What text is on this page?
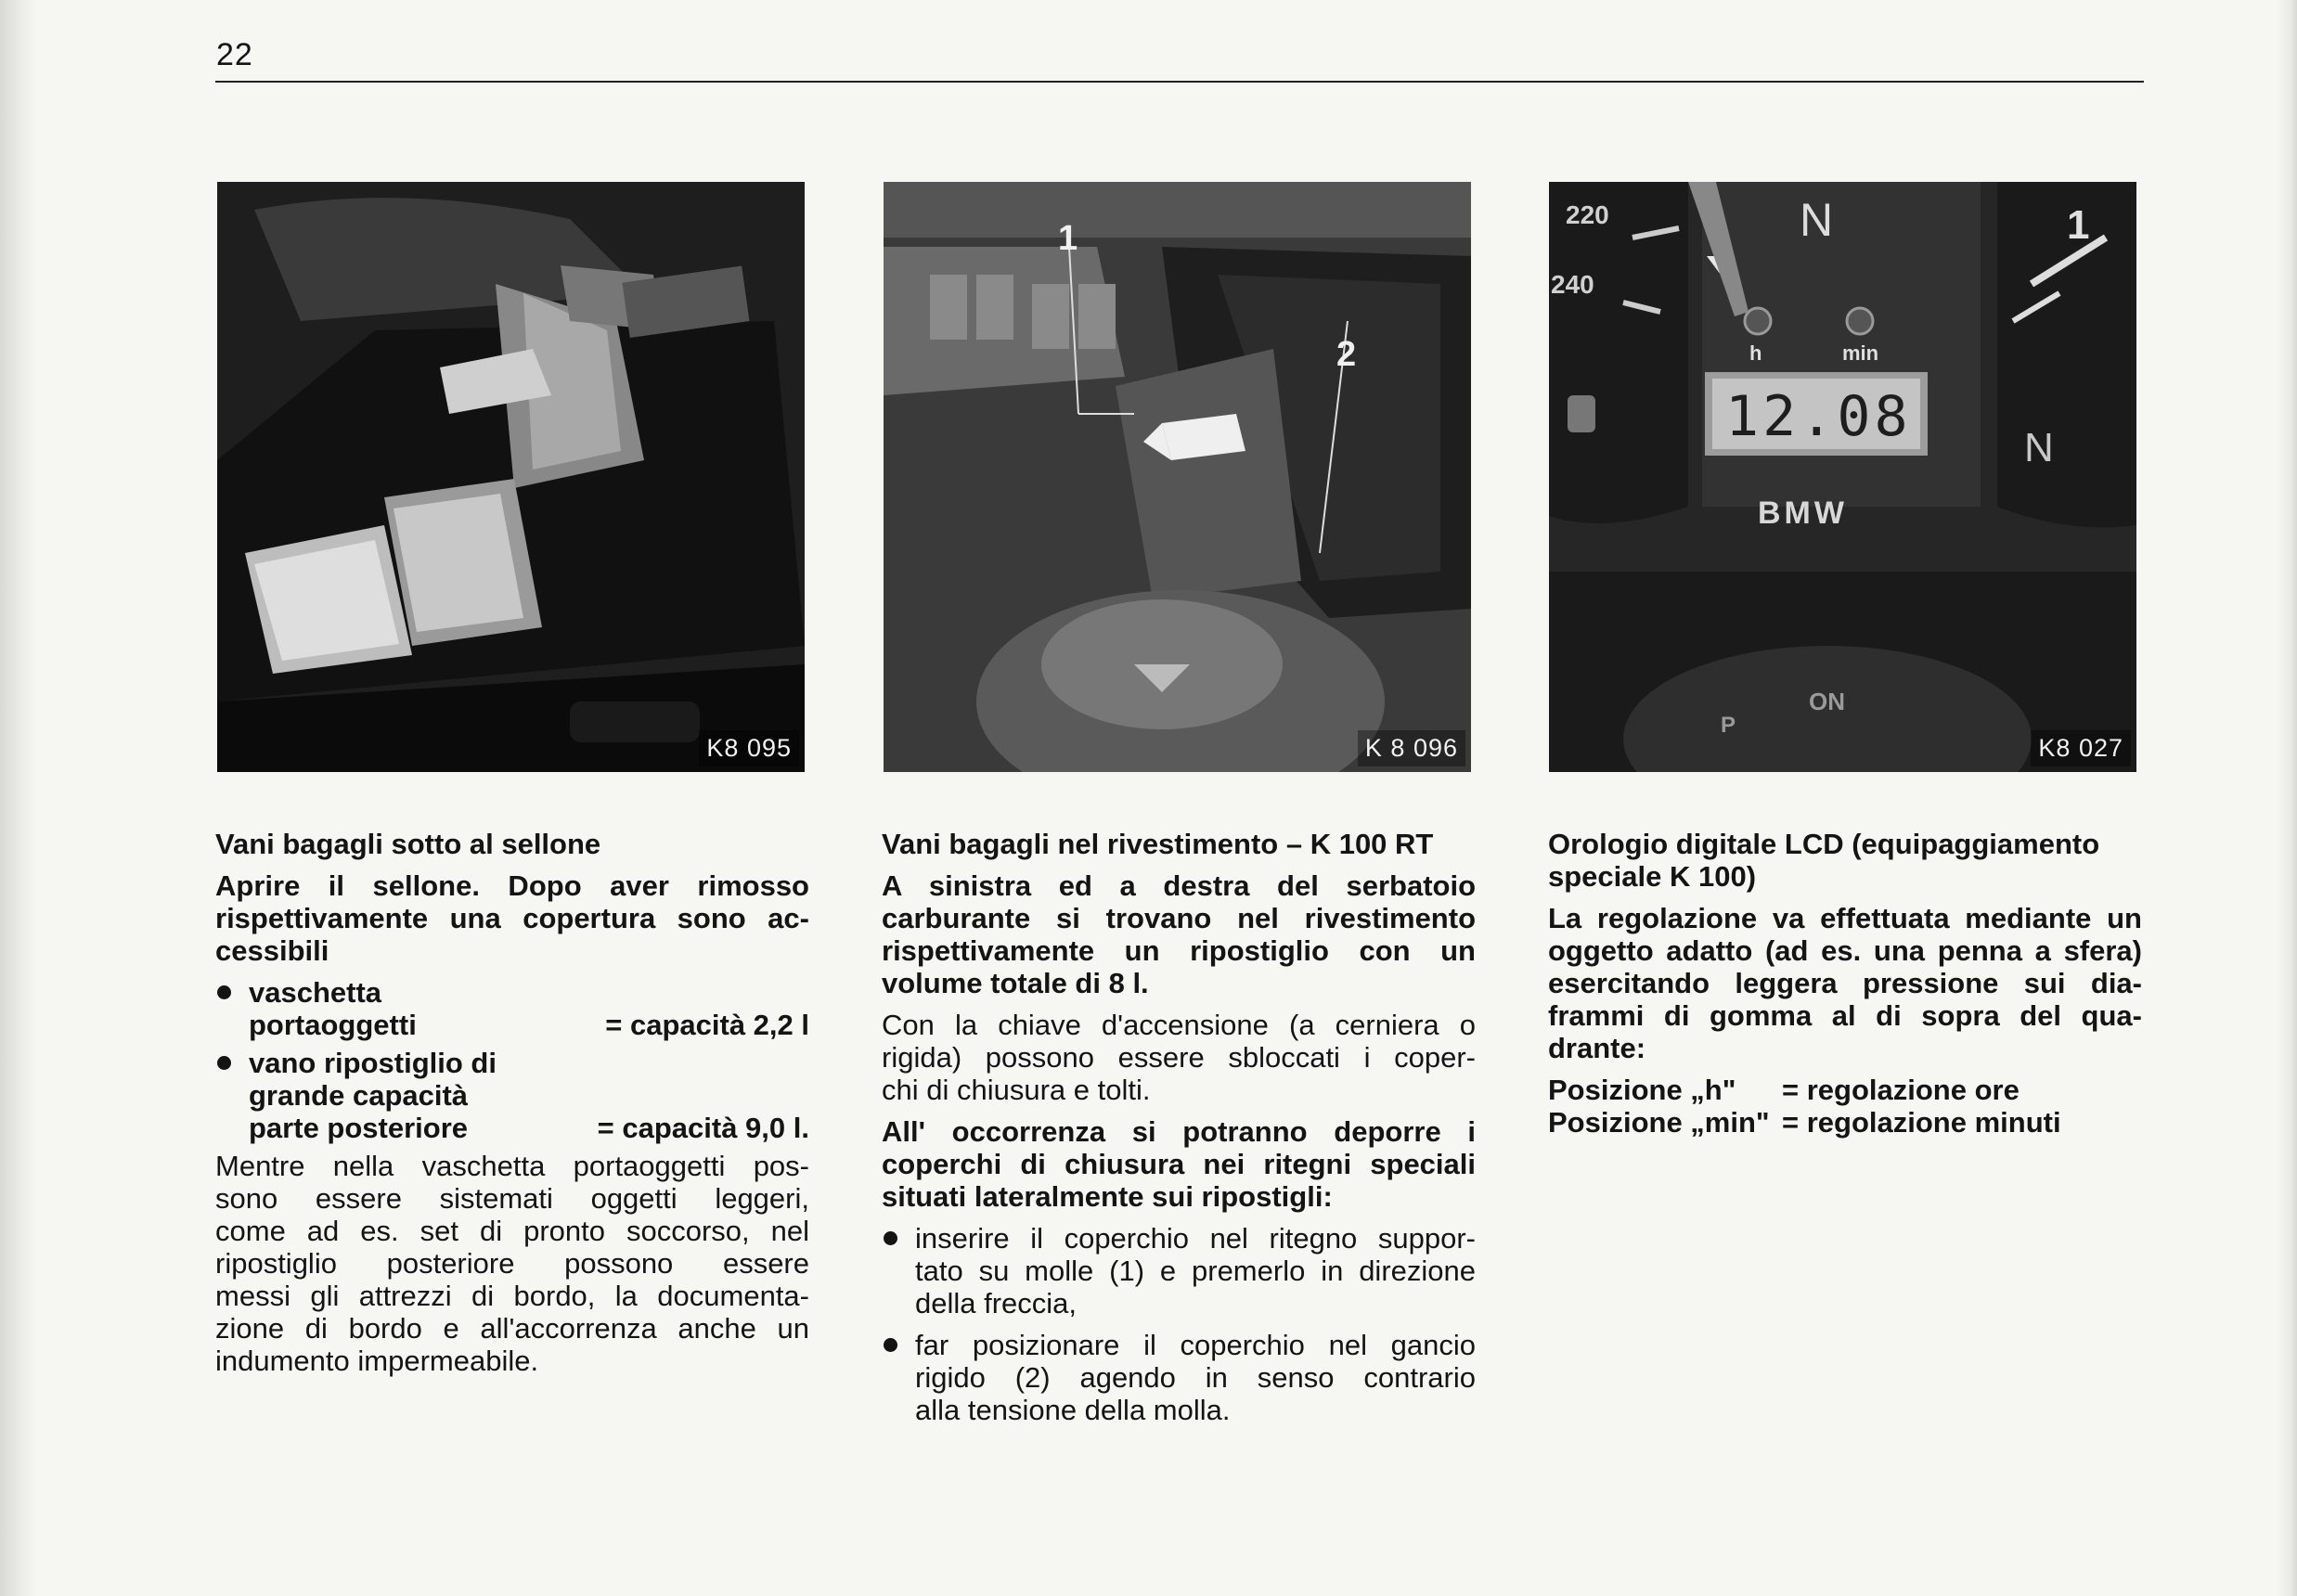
22
K8 095
1
2
K 8 096
220
240
N
h	min
12.08
BMW
1
N
ON
P
K8 027

Vani bagagli sotto al sellone

Aprire il sellone. Dopo aver rimosso
rispettivamente una copertura sono ac-
cessibili

vaschetta
portaoggetti	= capacità 2,2 l
vano ripostiglio di
grande capacità
parte posteriore	= capacità 9,0 l.

Mentre nella vaschetta portaoggetti pos-
sono essere sistemati oggetti leggeri,
come ad es. set di pronto soccorso, nel
ripostiglio posteriore possono essere
messi gli attrezzi di bordo, la documenta-
zione di bordo e all'accorrenza anche un
indumento impermeabile.

Vani bagagli nel rivestimento – K 100 RT

A sinistra ed a destra del serbatoio
carburante si trovano nel rivestimento
rispettivamente un ripostiglio con un
volume totale di 8 l.

Con la chiave d'accensione (a cerniera o
rigida) possono essere sbloccati i coper-
chi di chiusura e tolti.

All' occorrenza si potranno deporre i
coperchi di chiusura nei ritegni speciali
situati lateralmente sui ripostigli:

inserire il coperchio nel ritegno suppor-
tato su molle (1) e premerlo in direzione
della freccia,
far posizionare il coperchio nel gancio
rigido (2) agendo in senso contrario
alla tensione della molla.

Orologio digitale LCD (equipaggiamento
speciale K 100)

La regolazione va effettuata mediante un
oggetto adatto (ad es. una penna a sfera)
esercitando leggera pressione sui dia-
frammi di gomma al di sopra del qua-
drante:

Posizione „h"	= regolazione ore
Posizione „min" = regolazione minuti
